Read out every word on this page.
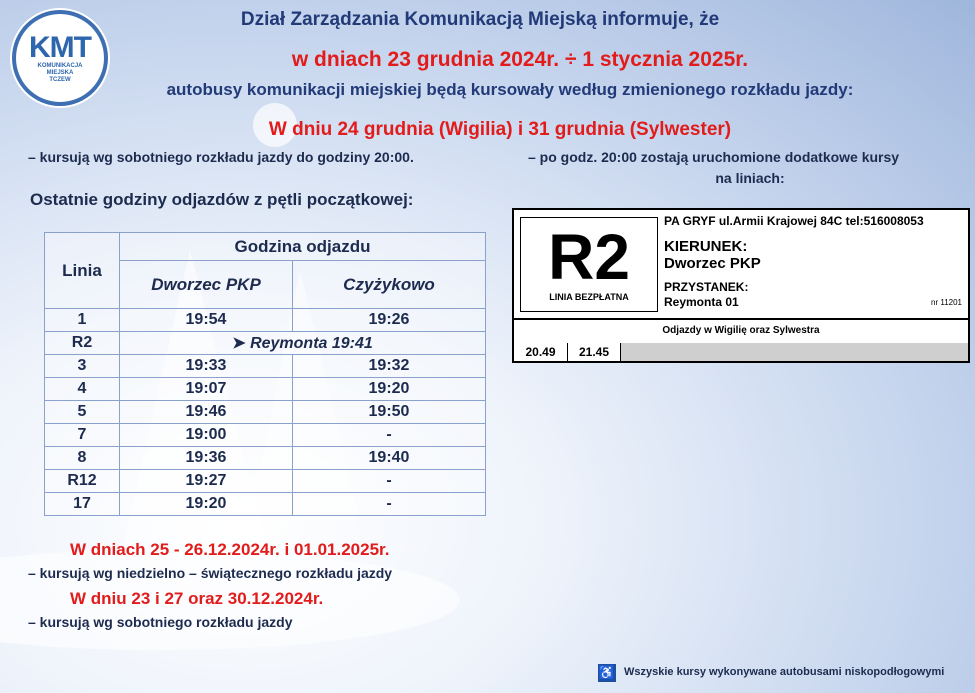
KMT
KOMUNIKACJA
MIEJSKA
TCZEW
Dział Zarządzania Komunikacją Miejską informuje, że
w dniach 23 grudnia 2024r. ÷ 1 stycznia 2025r.
autobusy komunikacji miejskiej będą kursowały według zmienionego rozkładu jazdy:
W dniu 24 grudnia (Wigilia) i 31 grudnia (Sylwester)
– kursują wg sobotniego rozkładu jazdy do godziny 20:00.	– po godz. 20:00 zostają uruchomione dodatkowe kursy
na liniach:
Ostatnie godziny odjazdów z pętli początkowej:
Linia	Godzina odjazdu	
	Dworzec PKP	Czyżykowo
1	19:54	19:26
R2	➤ Reymonta 19:41	
3	19:33	19:32
4	19:07	19:20
5	19:46	19:50
7	19:00	-
8	19:36	19:40
R12	19:27	-
17	19:20	-
R2
LINIA BEZPŁATNA
PA GRYF ul.Armii Krajowej 84C tel:516008053
KIERUNEK:
Dworzec PKP
PRZYSTANEK:
Reymonta 01	nr 11201
Odjazdy w Wigilię oraz Sylwestra
20.49	21.45
W dniach 25 - 26.12.2024r. i 01.01.2025r.
– kursują wg niedzielno – świątecznego rozkładu jazdy
W dniu 23 i 27 oraz 30.12.2024r.
– kursują wg sobotniego rozkładu jazdy
♿ Wszyskie kursy wykonywane autobusami niskopodłogowymi
